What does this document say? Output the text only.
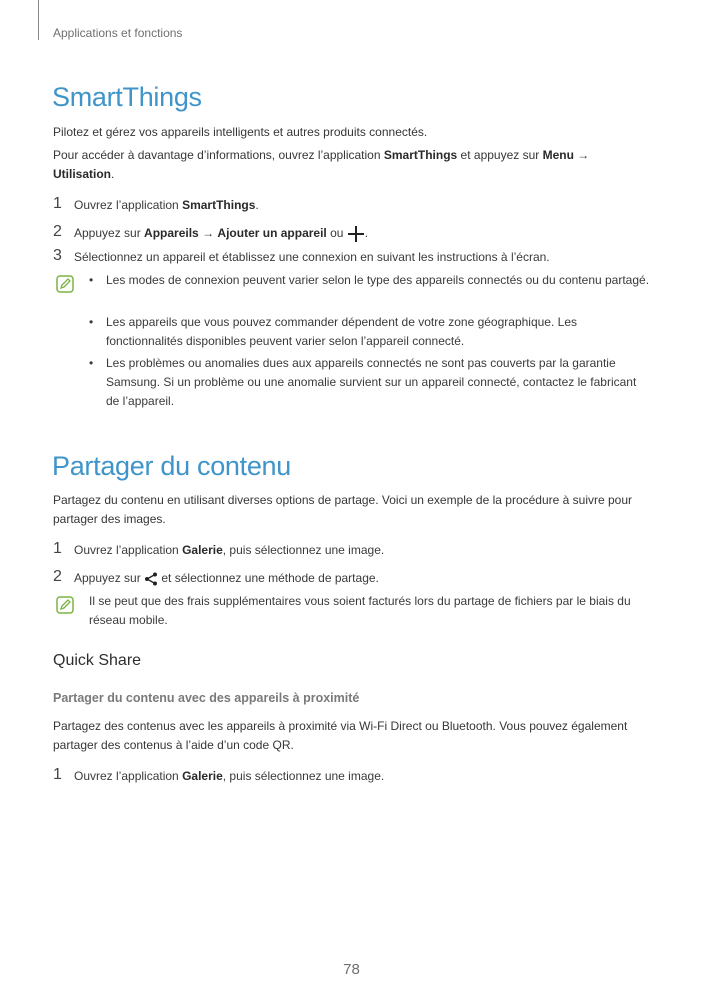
Applications et fonctions
SmartThings
Pilotez et gérez vos appareils intelligents et autres produits connectés.
Pour accéder à davantage d’informations, ouvrez l’application SmartThings et appuyez sur Menu →
Utilisation.
1 Ouvrez l’application SmartThings.
2 Appuyez sur Appareils → Ajouter un appareil ou .
3 Sélectionnez un appareil et établissez une connexion en suivant les instructions à l’écran.
• Les modes de connexion peuvent varier selon le type des appareils connectés ou du contenu partagé.
• Les appareils que vous pouvez commander dépendent de votre zone géographique. Les fonctionnalités disponibles peuvent varier selon l’appareil connecté.
• Les problèmes ou anomalies dues aux appareils connectés ne sont pas couverts par la garantie Samsung. Si un problème ou une anomalie survient sur un appareil connecté, contactez le fabricant de l’appareil.
Partager du contenu
Partagez du contenu en utilisant diverses options de partage. Voici un exemple de la procédure à suivre pour partager des images.
1 Ouvrez l’application Galerie, puis sélectionnez une image.
2 Appuyez sur  et sélectionnez une méthode de partage.
Il se peut que des frais supplémentaires vous soient facturés lors du partage de fichiers par le biais du réseau mobile.
Quick Share
Partager du contenu avec des appareils à proximité
Partagez des contenus avec les appareils à proximité via Wi-Fi Direct ou Bluetooth. Vous pouvez également partager des contenus à l’aide d’un code QR.
1 Ouvrez l’application Galerie, puis sélectionnez une image.
78
